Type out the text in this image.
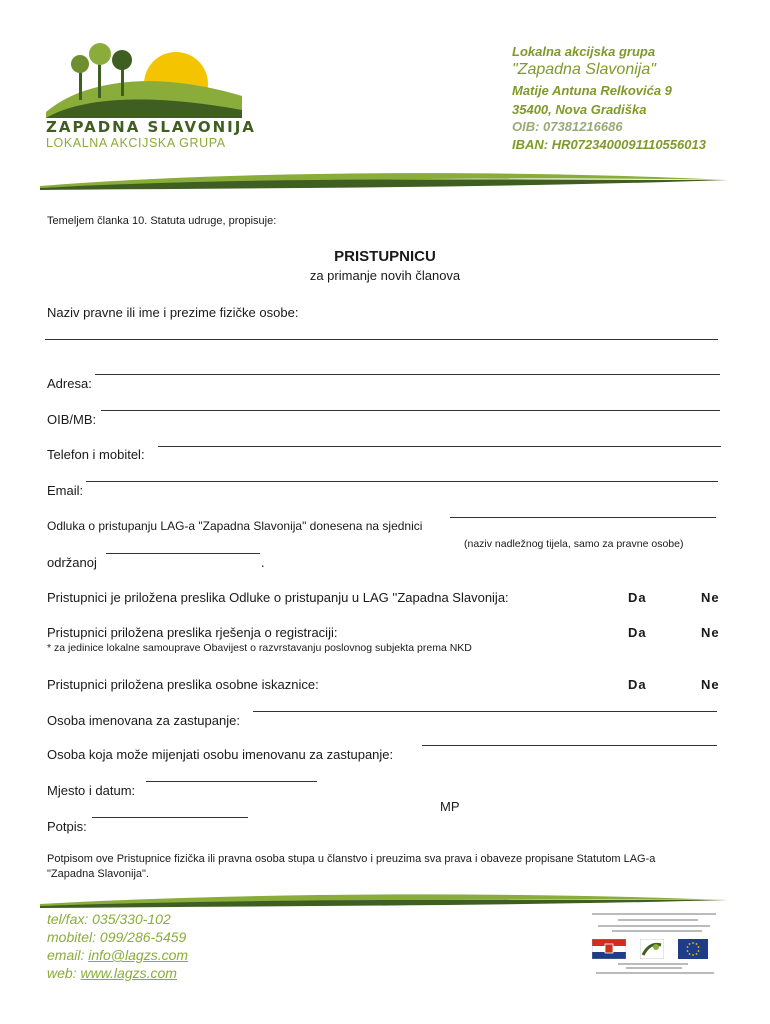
ZAPADNA SLAVONIJA
LOKALNA AKCIJSKA GRUPA
Lokalna akcijska grupa
"Zapadna Slavonija"
Matije Antuna Relkovića 9
35400, Nova Gradiška
OIB: 07381216686
IBAN: HR0723400091110556013
Temeljem članka 10. Statuta udruge, propisuje:
PRISTUPNICU
za primanje novih članova
Naziv pravne ili ime i prezime fizičke osobe:
Adresa:
OIB/MB:
Telefon i mobitel:
Email:
Odluka o pristupanju LAG-a "Zapadna Slavonija" donesena na sjednici
(naziv nadležnog tijela, samo za pravne osobe)
održanoj	.
Pristupnici je priložena preslika Odluke o pristupanju u LAG ''Zapadna Slavonija:	Da	Ne
Pristupnici priložena preslika rješenja o registraciji:	Da	Ne
* za jedinice lokalne samouprave Obavijest o razvrstavanju poslovnog subjekta prema NKD
Pristupnici priložena preslika osobne iskaznice:	Da	Ne
Osoba imenovana za zastupanje:
Osoba koja može mijenjati osobu imenovanu za zastupanje:
Mjesto i datum:
MP
Potpis:
Potpisom ove Pristupnice fizička ili pravna osoba stupa u članstvo i preuzima sva prava i obaveze propisane Statutom LAG-a
"Zapadna Slavonija".
tel/fax: 035/330-102
mobitel: 099/286-5459
email: info@lagzs.com
web: www.lagzs.com
